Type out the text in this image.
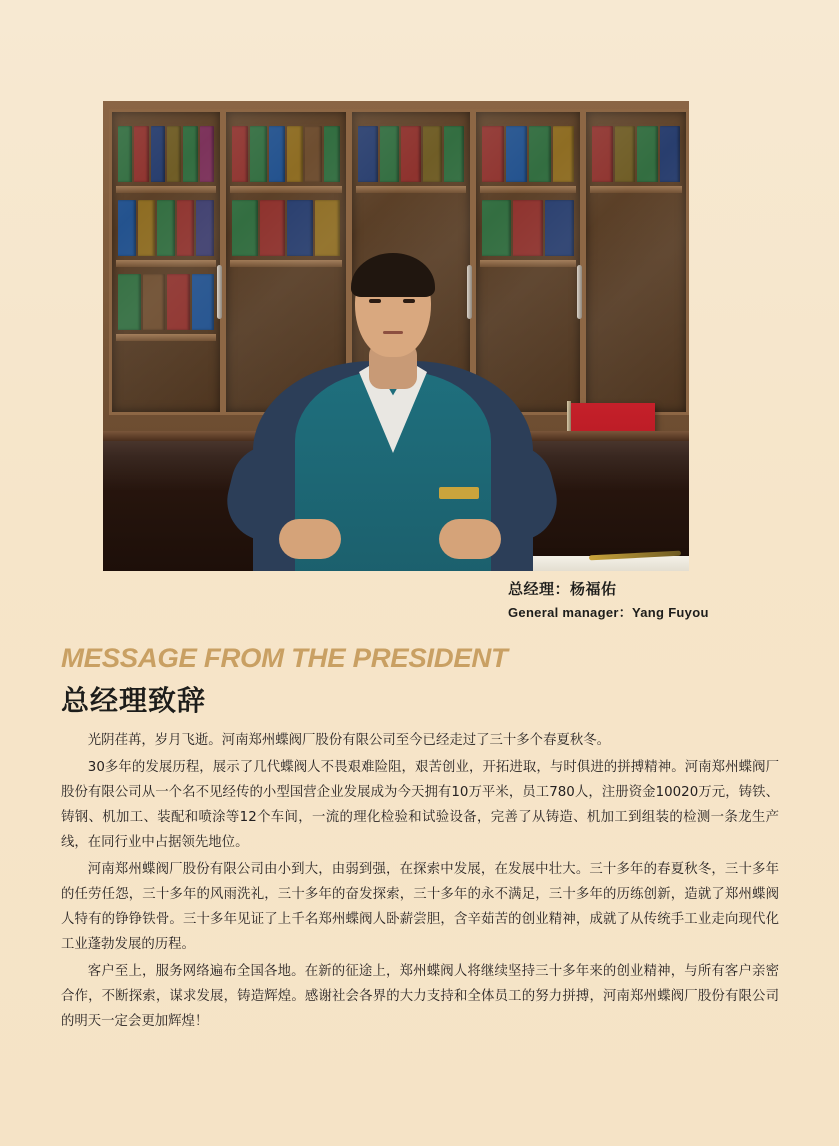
总经理：杨福佑
General manager：Yang Fuyou
MESSAGE FROM THE PRESIDENT
总经理致辞

光阴荏苒，岁月飞逝。河南郑州蝶阀厂股份有限公司至今已经走过了三十多个春夏秋冬。

30多年的发展历程，展示了几代蝶阀人不畏艰难险阻，艰苦创业，开拓进取，与时俱进的拼搏精神。河南郑州蝶阀厂股份有限公司从一个名不见经传的小型国营企业发展成为今天拥有10万平米，员工780人，注册资金10020万元，铸铁、铸钢、机加工、装配和喷涂等12个车间，一流的理化检验和试验设备，完善了从铸造、机加工到组装的检测一条龙生产线，在同行业中占据领先地位。

河南郑州蝶阀厂股份有限公司由小到大，由弱到强，在探索中发展，在发展中壮大。三十多年的春夏秋冬，三十多年的任劳任怨，三十多年的风雨洗礼，三十多年的奋发探索，三十多年的永不满足，三十多年的历练创新，造就了郑州蝶阀人特有的铮铮铁骨。三十多年见证了上千名郑州蝶阀人卧薪尝胆，含辛茹苦的创业精神，成就了从传统手工业走向现代化工业蓬勃发展的历程。

客户至上，服务网络遍布全国各地。在新的征途上，郑州蝶阀人将继续坚持三十多年来的创业精神，与所有客户亲密合作，不断探索，谋求发展，铸造辉煌。感谢社会各界的大力支持和全体员工的努力拼搏，河南郑州蝶阀厂股份有限公司的明天一定会更加辉煌！
